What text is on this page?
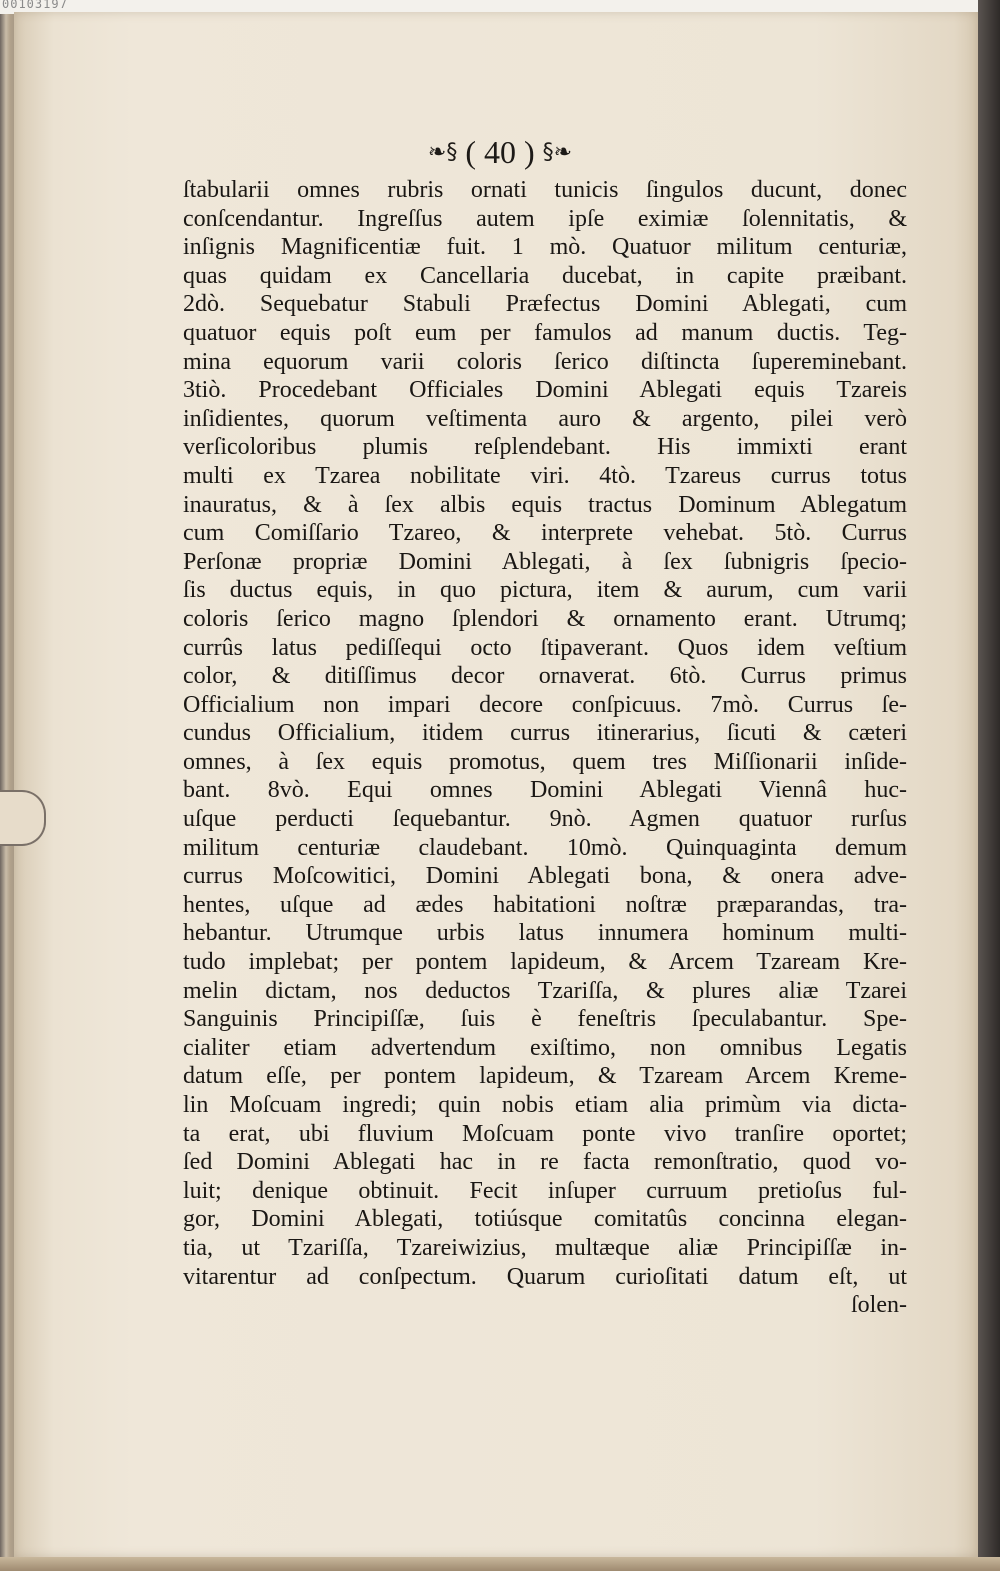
00103197
❧§ ( 40 ) §❧
ſtabularii omnes rubris ornati tunicis ſingulos ducunt, donec
conſcendantur. Ingreſſus autem ipſe eximiæ ſolennitatis, &
inſignis Magnificentiæ fuit. 1 mò. Quatuor militum centuriæ,
quas quidam ex Cancellaria ducebat, in capite præibant.
2dò. Sequebatur Stabuli Præfectus Domini Ablegati, cum
quatuor equis poſt eum per famulos ad manum ductis. Teg-
mina equorum varii coloris ſerico diſtincta ſupereminebant.
3tiò. Procedebant Officiales Domini Ablegati equis Tzareis
inſidientes, quorum veſtimenta auro & argento, pilei verò
verſicoloribus plumis reſplendebant. His immixti erant
multi ex Tzarea nobilitate viri. 4tò. Tzareus currus totus
inauratus, & à ſex albis equis tractus Dominum Ablegatum
cum Comiſſario Tzareo, & interprete vehebat. 5tò. Currus
Perſonæ propriæ Domini Ablegati, à ſex ſubnigris ſpecio-
ſis ductus equis, in quo pictura, item & aurum, cum varii
coloris ſerico magno ſplendori & ornamento erant. Utrumq;
currûs latus pediſſequi octo ſtipaverant. Quos idem veſtium
color, & ditiſſimus decor ornaverat. 6tò. Currus primus
Officialium non impari decore conſpicuus. 7mò. Currus ſe-
cundus Officialium, itidem currus itinerarius, ſicuti & cæteri
omnes, à ſex equis promotus, quem tres Miſſionarii inſide-
bant. 8vò. Equi omnes Domini Ablegati Viennâ huc-
uſque perducti ſequebantur. 9nò. Agmen quatuor rurſus
militum centuriæ claudebant. 10mò. Quinquaginta demum
currus Moſcowitici, Domini Ablegati bona, & onera adve-
hentes, uſque ad ædes habitationi noſtræ præparandas, tra-
hebantur. Utrumque urbis latus innumera hominum multi-
tudo implebat; per pontem lapideum, & Arcem Tzaream Kre-
melin dictam, nos deductos Tzariſſa, & plures aliæ Tzarei
Sanguinis Principiſſæ, ſuis è feneſtris ſpeculabantur. Spe-
cialiter etiam advertendum exiſtimo, non omnibus Legatis
datum eſſe, per pontem lapideum, & Tzaream Arcem Kreme-
lin Moſcuam ingredi; quin nobis etiam alia primùm via dicta-
ta erat, ubi fluvium Moſcuam ponte vivo tranſire oportet;
ſed Domini Ablegati hac in re facta remonſtratio, quod vo-
luit; denique obtinuit. Fecit inſuper curruum pretioſus ful-
gor, Domini Ablegati, totiúsque comitatûs concinna elegan-
tia, ut Tzariſſa, Tzareiwizius, multæque aliæ Principiſſæ in-
vitarentur ad conſpectum. Quarum curioſitati datum eſt, ut
ſolen-
